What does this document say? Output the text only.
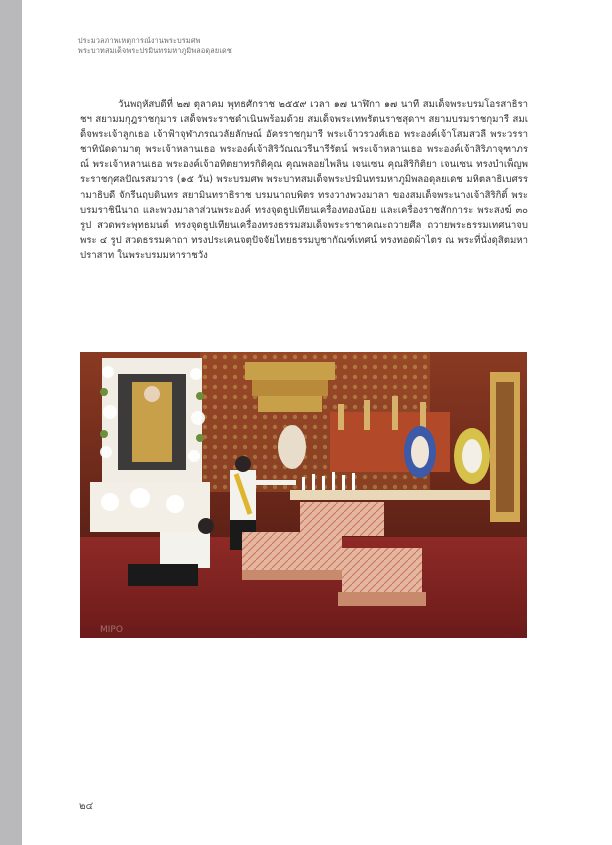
ประมวลภาพเหตุการณ์งานพระบรมศพ
พระบาทสมเด็จพระปรมินทรมหาภูมิพลอดุลยเดช
วันพฤหัสบดีที่ ๒๗ ตุลาคม พุทธศักราช ๒๕๕๙ เวลา ๑๗ นาฬิกา ๑๗ นาที สมเด็จพระบรมโอรสาธิราชฯ สยามมกุฎราชกุมาร เสด็จพระราชดำเนินพร้อมด้วย สมเด็จพระเทพรัตนราชสุดาฯ สยามบรมราชกุมารี สมเด็จพระเจ้าลูกเธอ เจ้าฟ้าจุฬาภรณวลัยลักษณ์ อัครราชกุมารี พระเจ้าวรวงศ์เธอ พระองค์เจ้าโสมสวลี พระวรราชาทินัดดามาตุ พระเจ้าหลานเธอ พระองค์เจ้าสิริวัณณวรีนารีรัตน์ พระเจ้าหลานเธอ พระองค์เจ้าสิริภาจุฑาภรณ์ พระเจ้าหลานเธอ พระองค์เจ้าอทิตยาทรกิติคุณ คุณพลอยไพลิน เจนเซน คุณสิริกิติยา เจนเซน ทรงบำเพ็ญพระราชกุศลปัณรสมวาร (๑๕ วัน) พระบรมศพ พระบาทสมเด็จพระปรมินทรมหาภูมิพลอดุลยเดช มหิตลาธิเบศรรามาธิบดี จักรีนฤบดินทร สยามินทราธิราช บรมนาถบพิตร ทรงวางพวงมาลา ของสมเด็จพระนางเจ้าสิริกิติ์ พระบรมราชินีนาถ และพวงมาลาส่วนพระองค์ ทรงจุดธูปเทียนเครื่องทองน้อย และเครื่องราชสักการะ พระสงฆ์ ๓๐ รูป สวดพระพุทธมนต์ ทรงจุดธูปเทียนเครื่องทรงธรรมสมเด็จพระราชาคณะถวายศีล ถวายพระธรรมเทศนาจบ พระ ๔ รูป สวดธรรมคาถา ทรงประเคนจตุปัจจัยไทยธรรมบูชากัณฑ์เทศน์ ทรงทอดผ้าไตร ณ พระที่นั่งดุสิตมหาปราสาท ในพระบรมมหาราชวัง
MIPO
๒๔
